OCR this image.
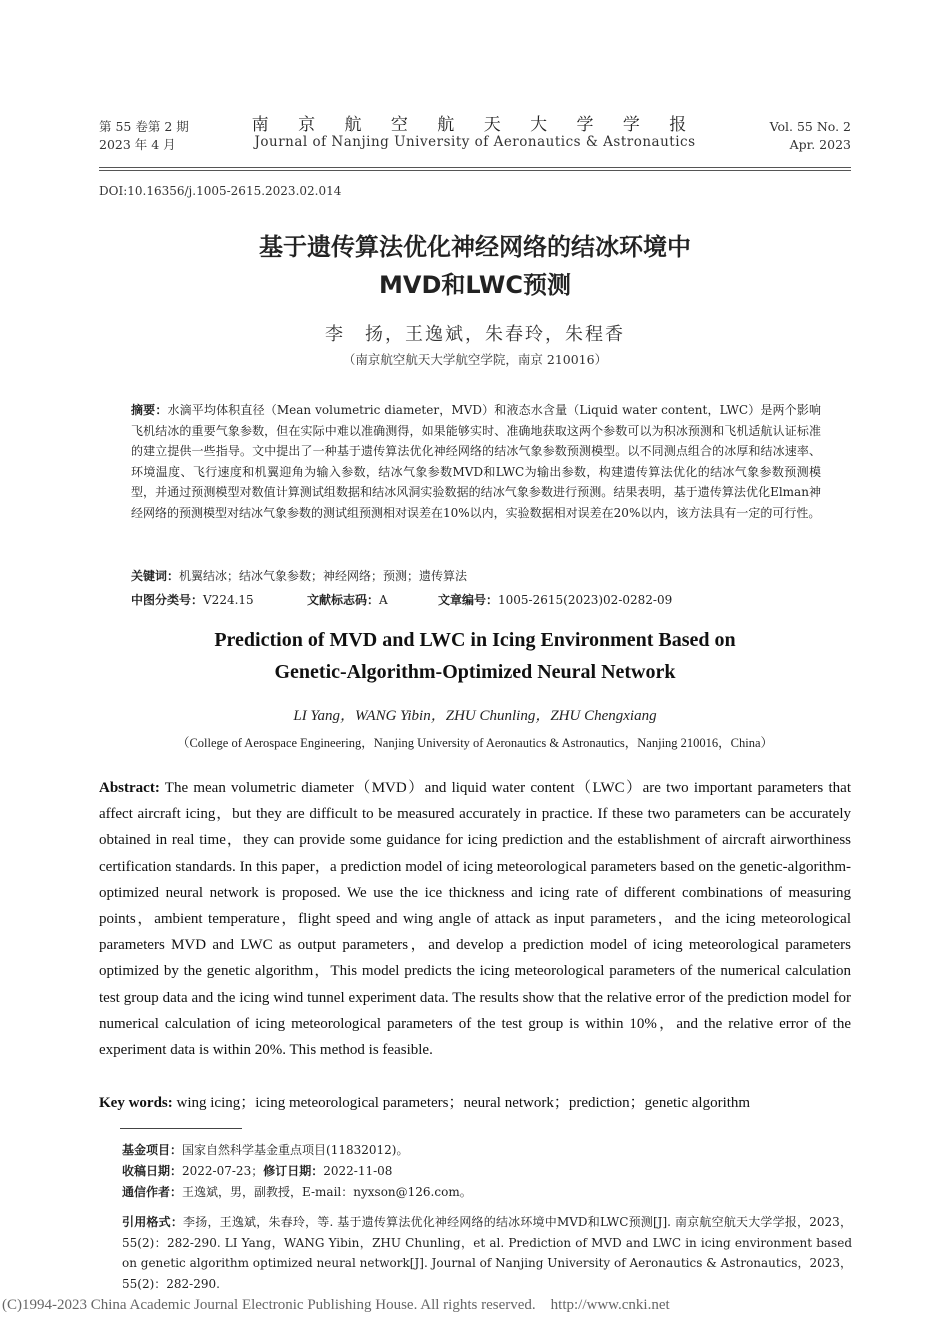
第 55 卷第 2 期
2023 年 4 月
南 京 航 空 航 天 大 学 学 报
Journal of Nanjing University of Aeronautics & Astronautics
Vol. 55 No. 2
Apr. 2023
DOI:10.16356/j.1005-2615.2023.02.014
基于遗传算法优化神经网络的结冰环境中
MVD和LWC预测
李　扬，王逸斌，朱春玲，朱程香
（南京航空航天大学航空学院，南京 210016）
摘要：水滴平均体积直径（Mean volumetric diameter，MVD）和液态水含量（Liquid water content，LWC）是两个影响飞机结冰的重要气象参数，但在实际中难以准确测得，如果能够实时、准确地获取这两个参数可以为积冰预测和飞机适航认证标准的建立提供一些指导。文中提出了一种基于遗传算法优化神经网络的结冰气象参数预测模型。以不同测点组合的冰厚和结冰速率、环境温度、飞行速度和机翼迎角为输入参数，结冰气象参数MVD和LWC为输出参数，构建遗传算法优化的结冰气象参数预测模型，并通过预测模型对数值计算测试组数据和结冰风洞实验数据的结冰气象参数进行预测。结果表明，基于遗传算法优化Elman神经网络的预测模型对结冰气象参数的测试组预测相对误差在10%以内，实验数据相对误差在20%以内，该方法具有一定的可行性。
关键词：机翼结冰；结冰气象参数；神经网络；预测；遗传算法
中图分类号：V224.15	文献标志码：A	文章编号：1005-2615(2023)02-0282-09
Prediction of MVD and LWC in Icing Environment Based on
Genetic-Algorithm-Optimized Neural Network
LI Yang，WANG Yibin，ZHU Chunling，ZHU Chengxiang
（College of Aerospace Engineering，Nanjing University of Aeronautics & Astronautics，Nanjing 210016，China）
Abstract: The mean volumetric diameter（MVD）and liquid water content（LWC）are two important parameters that affect aircraft icing，but they are difficult to be measured accurately in practice. If these two parameters can be accurately obtained in real time，they can provide some guidance for icing prediction and the establishment of aircraft airworthiness certification standards. In this paper，a prediction model of icing meteorological parameters based on the genetic-algorithm-optimized neural network is proposed. We use the ice thickness and icing rate of different combinations of measuring points，ambient temperature，flight speed and wing angle of attack as input parameters，and the icing meteorological parameters MVD and LWC as output parameters，and develop a prediction model of icing meteorological parameters optimized by the genetic algorithm，This model predicts the icing meteorological parameters of the numerical calculation test group data and the icing wind tunnel experiment data. The results show that the relative error of the prediction model for numerical calculation of icing meteorological parameters of the test group is within 10%，and the relative error of the experiment data is within 20%. This method is feasible.
Key words: wing icing；icing meteorological parameters；neural network；prediction；genetic algorithm
基金项目：国家自然科学基金重点项目(11832012)。
收稿日期：2022-07-23；修订日期：2022-11-08
通信作者：王逸斌，男，副教授，E-mail：nyxson@126.com。
引用格式：李扬，王逸斌，朱春玲，等. 基于遗传算法优化神经网络的结冰环境中MVD和LWC预测[J]. 南京航空航天大学学报，2023，55(2)：282-290. LI Yang，WANG Yibin，ZHU Chunling，et al. Prediction of MVD and LWC in icing environment based on genetic algorithm optimized neural network[J]. Journal of Nanjing University of Aeronautics & Astronautics，2023，55(2)：282-290.
(C)1994-2023 China Academic Journal Electronic Publishing House. All rights reserved.    http://www.cnki.net
